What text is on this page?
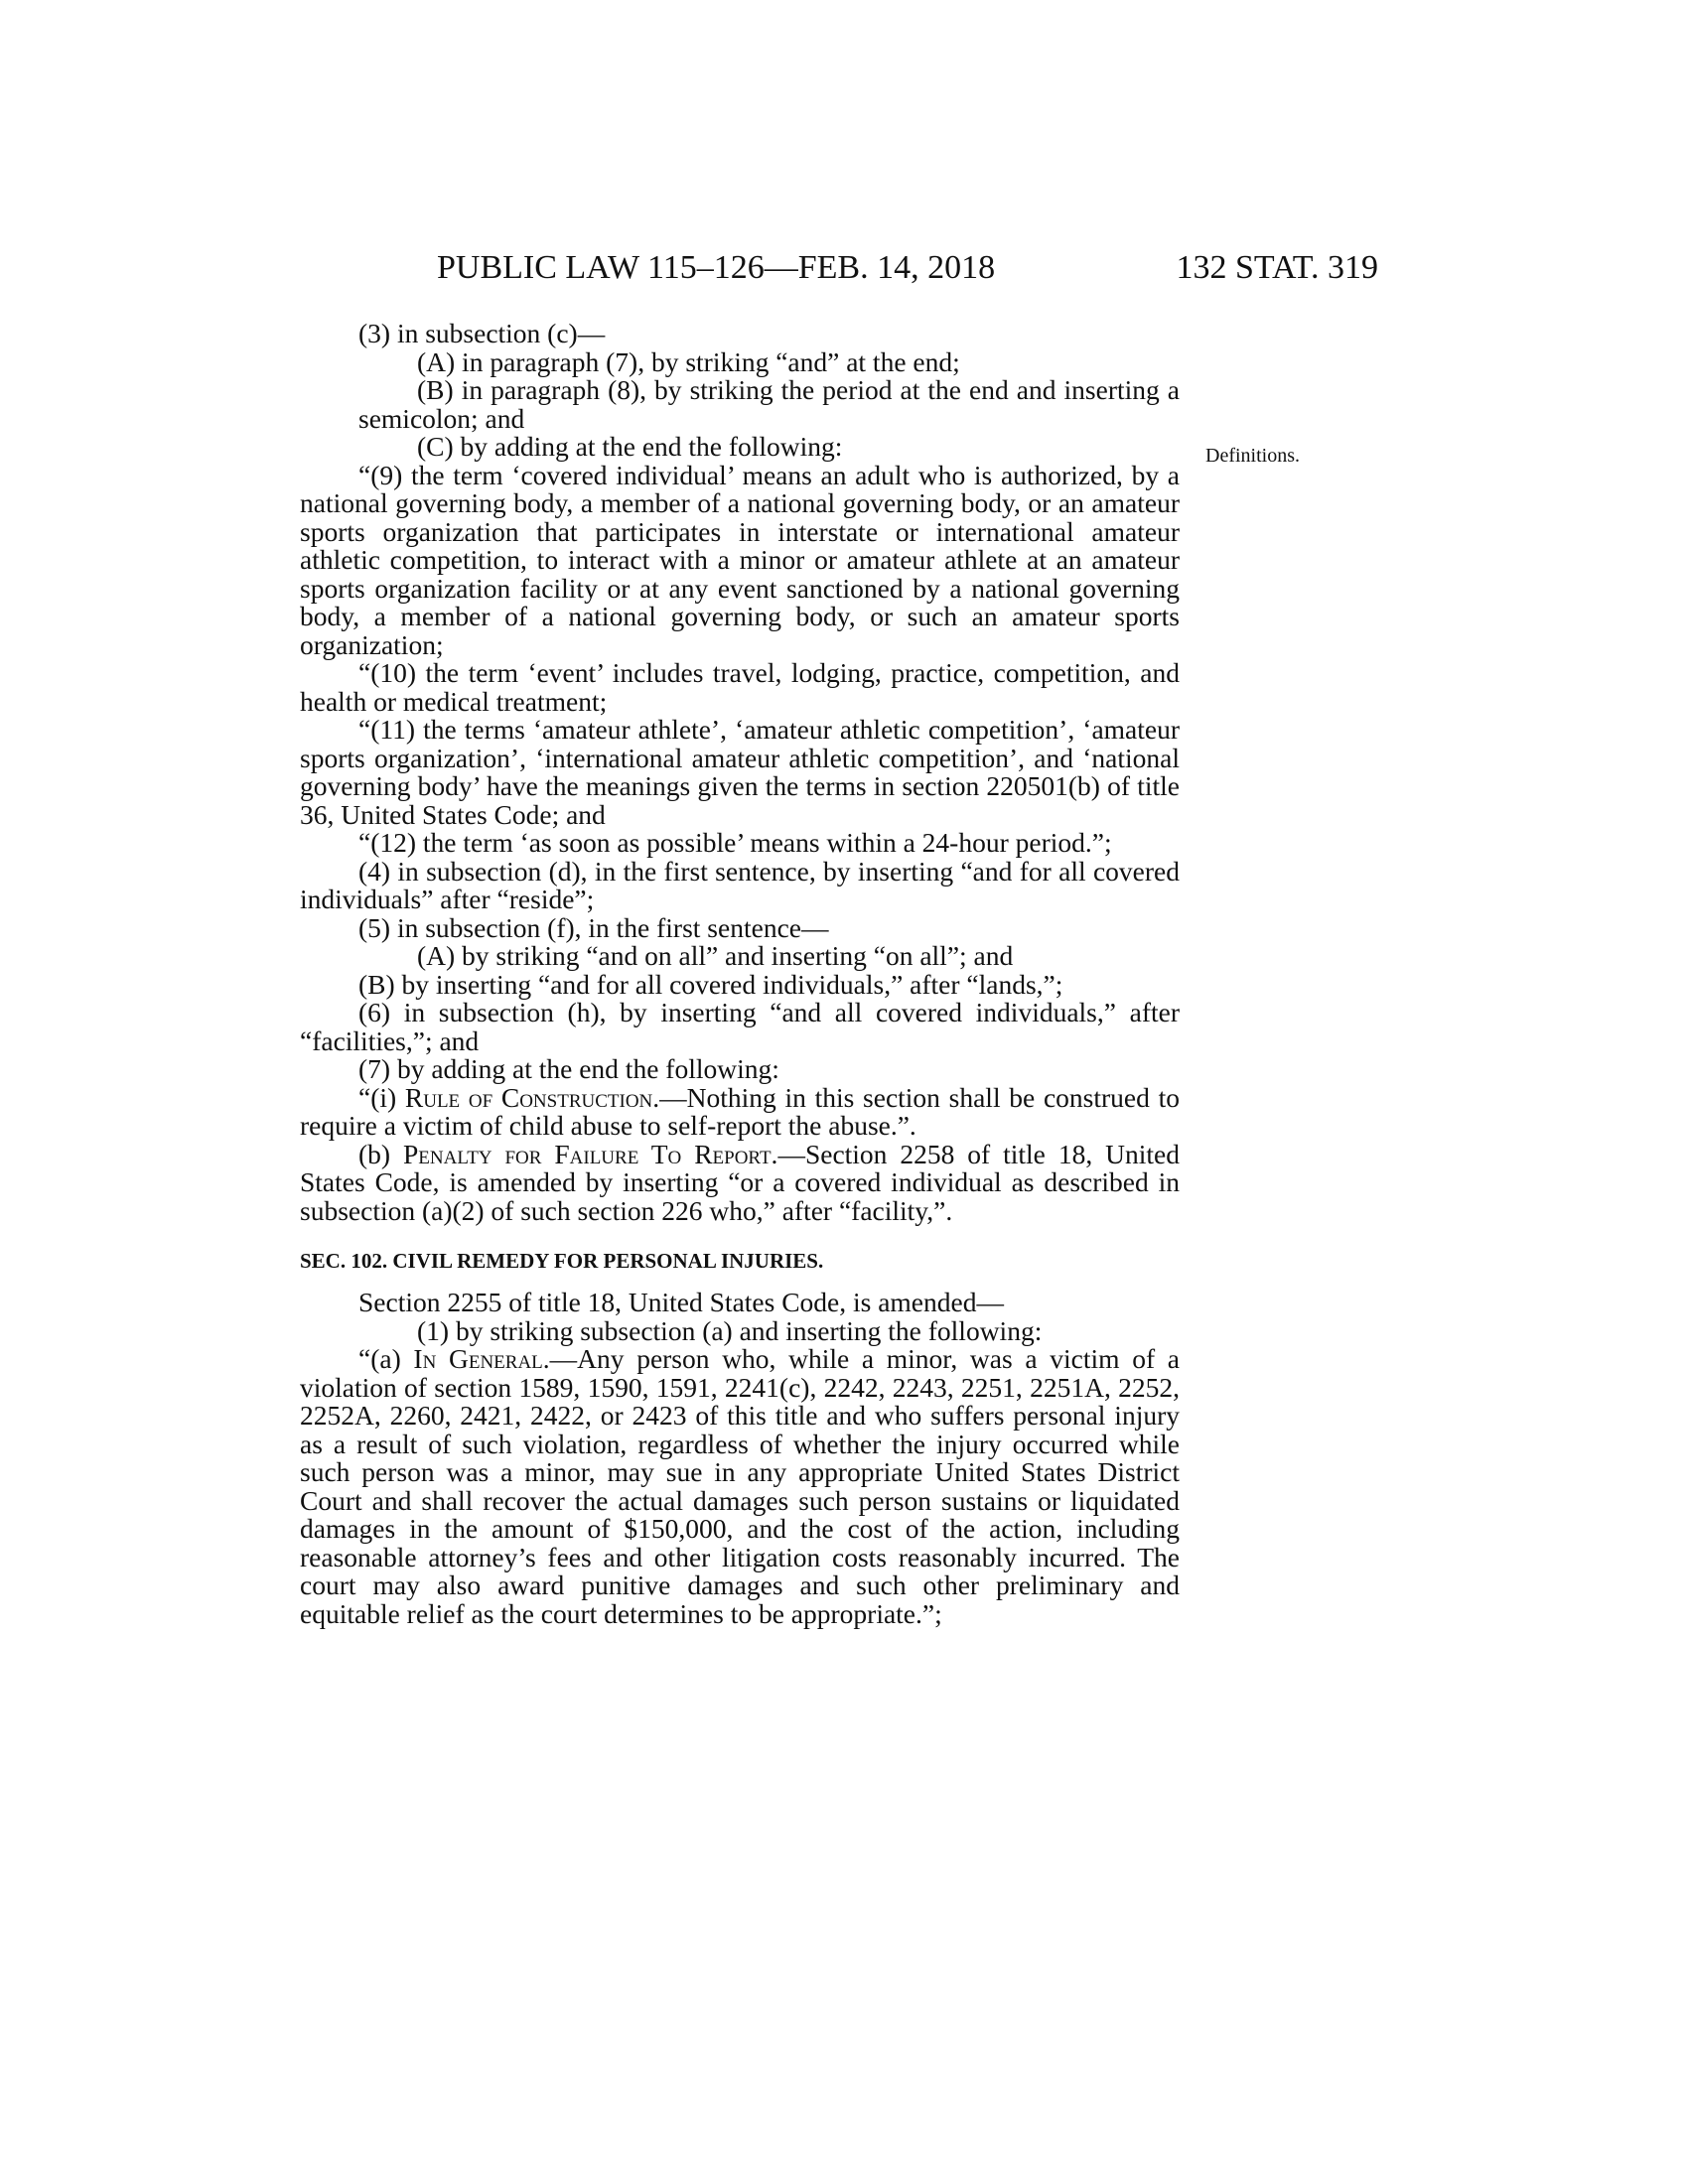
PUBLIC LAW 115–126—FEB. 14, 2018	132 STAT. 319
Definitions.

(3) in subsection (c)—

(A) in paragraph (7), by striking “and” at the end;

(B) in paragraph (8), by striking the period at the end and inserting a semicolon; and

(C) by adding at the end the following:

“(9) the term ‘covered individual’ means an adult who is authorized, by a national governing body, a member of a national governing body, or an amateur sports organization that participates in interstate or international amateur athletic competition, to interact with a minor or amateur athlete at an amateur sports organization facility or at any event sanctioned by a national governing body, a member of a national governing body, or such an amateur sports organization;

“(10) the term ‘event’ includes travel, lodging, practice, competition, and health or medical treatment;

“(11) the terms ‘amateur athlete’, ‘amateur athletic competition’, ‘amateur sports organization’, ‘international amateur athletic competition’, and ‘national governing body’ have the meanings given the terms in section 220501(b) of title 36, United States Code; and

“(12) the term ‘as soon as possible’ means within a 24-hour period.”;

(4) in subsection (d), in the first sentence, by inserting “and for all covered individuals” after “reside”;

(5) in subsection (f), in the first sentence—

(A) by striking “and on all” and inserting “on all”; and

(B) by inserting “and for all covered individuals,” after “lands,”;

(6) in subsection (h), by inserting “and all covered individuals,” after “facilities,”; and

(7) by adding at the end the following:

“(i) Rule of Construction.—Nothing in this section shall be construed to require a victim of child abuse to self-report the abuse.”.

(b) Penalty for Failure To Report.—Section 2258 of title 18, United States Code, is amended by inserting “or a covered individual as described in subsection (a)(2) of such section 226 who,” after “facility,”.

SEC. 102. CIVIL REMEDY FOR PERSONAL INJURIES.

Section 2255 of title 18, United States Code, is amended—

(1) by striking subsection (a) and inserting the following:

“(a) In General.—Any person who, while a minor, was a victim of a violation of section 1589, 1590, 1591, 2241(c), 2242, 2243, 2251, 2251A, 2252, 2252A, 2260, 2421, 2422, or 2423 of this title and who suffers personal injury as a result of such violation, regardless of whether the injury occurred while such person was a minor, may sue in any appropriate United States District Court and shall recover the actual damages such person sustains or liquidated damages in the amount of $150,000, and the cost of the action, including reasonable attorney’s fees and other litigation costs reasonably incurred. The court may also award punitive damages and such other preliminary and equitable relief as the court determines to be appropriate.”;
